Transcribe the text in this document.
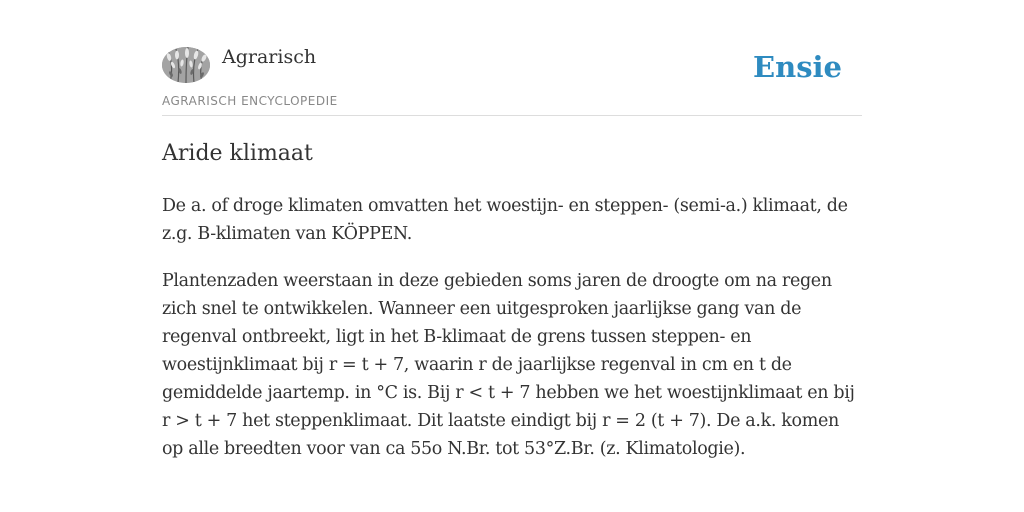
Agrarisch
AGRARISCH ENCYCLOPEDIE
Ensie
Aride klimaat

De a. of droge klimaten omvatten het woestijn- en steppen- (semi-a.) klimaat, de z.g. B-klimaten van KÖPPEN.

Plantenzaden weerstaan in deze gebieden soms jaren de droogte om na regen zich snel te ontwikkelen. Wanneer een uitgesproken jaarlijkse gang van de regenval ontbreekt, ligt in het B-klimaat de grens tussen steppen- en woestijnklimaat bij r = t + 7, waarin r de jaarlijkse regenval in cm en t de gemiddelde jaartemp. in °C is. Bij r < t + 7 hebben we het woestijnklimaat en bij r > t + 7 het steppenklimaat. Dit laatste eindigt bij r = 2 (t + 7). De a.k. komen op alle breedten voor van ca 55o N.Br. tot 53°Z.Br. (z. Klimatologie).
